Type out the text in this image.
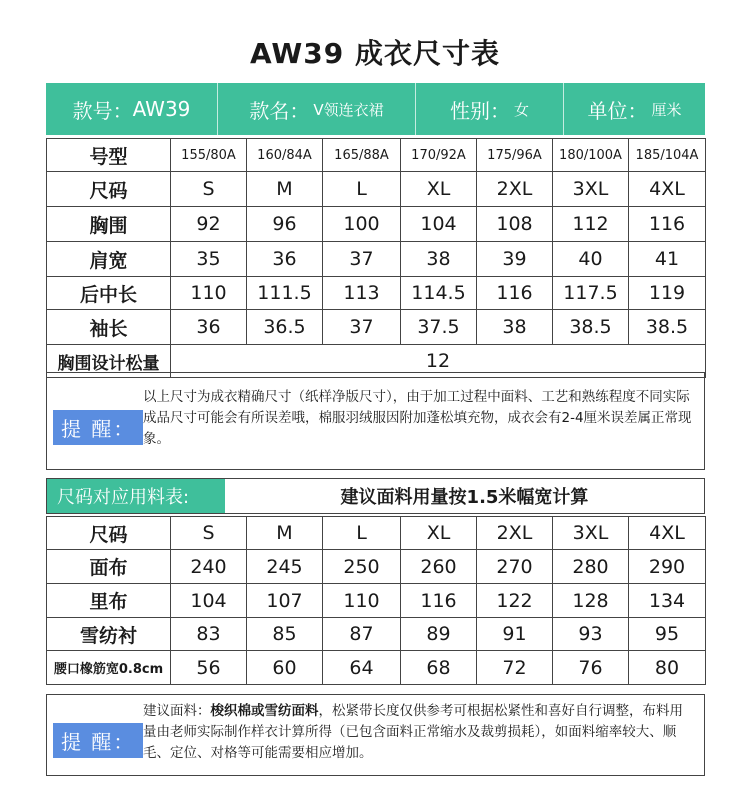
AW39 成衣尺寸表
款号： AW39	款名： V领连衣裙	性别： 女	单位： 厘米
号型	155/80A	160/84A	165/88A	170/92A	175/96A	180/100A	185/104A
尺码	S	M	L	XL	2XL	3XL	4XL
胸围	92	96	100	104	108	112	116
肩宽	35	36	37	38	39	40	41
后中长	110	111.5	113	114.5	116	117.5	119
袖长	36	36.5	37	37.5	38	38.5	38.5
胸围设计松量	12						
提 醒：
以上尺寸为成衣精确尺寸（纸样净版尺寸），由于加工过程中面料、工艺和熟练程度不同实际成品尺寸可能会有所误差哦，棉服羽绒服因附加蓬松填充物，成衣会有2-4厘米误差属正常现象。
尺码对应用料表:	建议面料用量按1.5米幅宽计算
尺码	S	M	L	XL	2XL	3XL	4XL
面布	240	245	250	260	270	280	290
里布	104	107	110	116	122	128	134
雪纺衬	83	85	87	89	91	93	95
腰口橡筋宽0.8cm	56	60	64	68	72	76	80
提 醒：
建议面料：梭织棉或雪纺面料，松紧带长度仅供参考可根据松紧性和喜好自行调整，布料用量由老师实际制作样衣计算所得（已包含面料正常缩水及裁剪损耗），如面料缩率较大、顺毛、定位、对格等可能需要相应增加。
